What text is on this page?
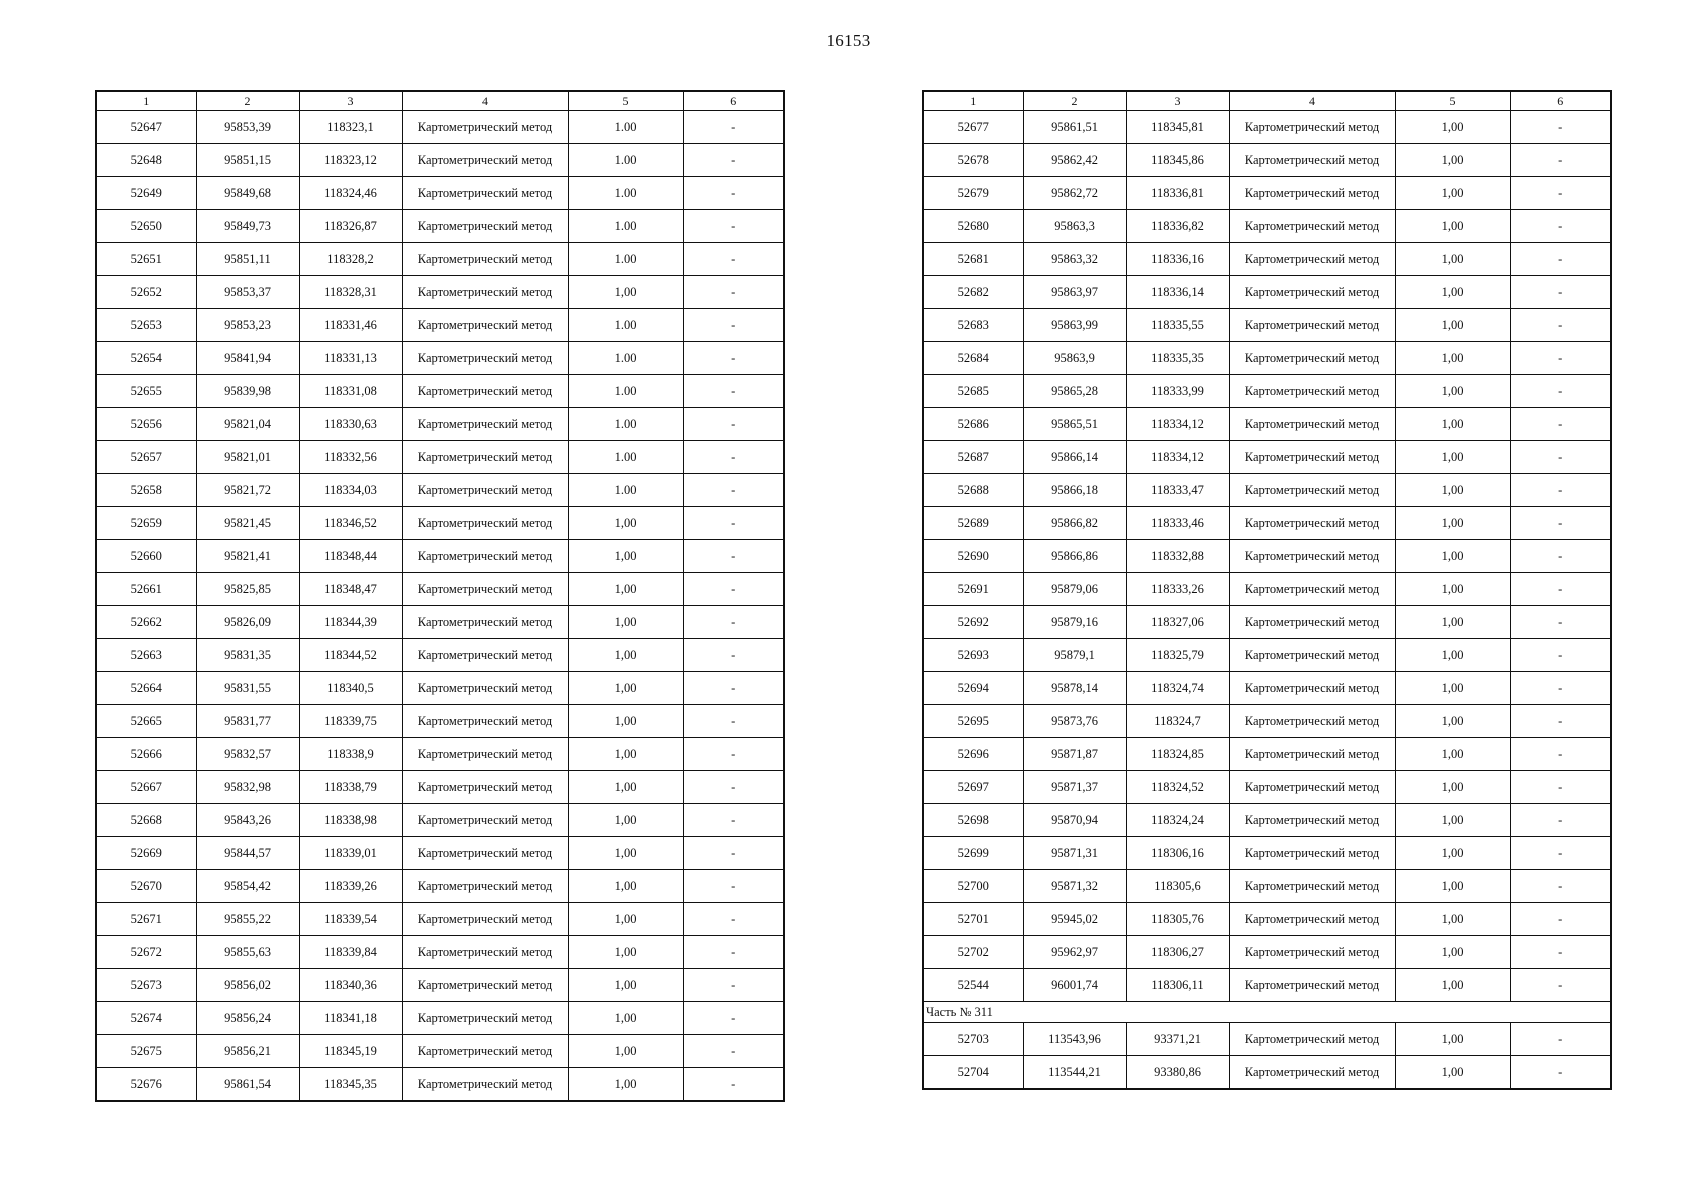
16153
1	2	3	4	5	6
52647	95853,39	118323,1	Картометрический метод	1.00	-
52648	95851,15	118323,12	Картометрический метод	1.00	-
52649	95849,68	118324,46	Картометрический метод	1.00	-
52650	95849,73	118326,87	Картометрический метод	1.00	-
52651	95851,11	118328,2	Картометрический метод	1.00	-
52652	95853,37	118328,31	Картометрический метод	1,00	-
52653	95853,23	118331,46	Картометрический метод	1.00	-
52654	95841,94	118331,13	Картометрический метод	1.00	-
52655	95839,98	118331,08	Картометрический метод	1.00	-
52656	95821,04	118330,63	Картометрический метод	1.00	-
52657	95821,01	118332,56	Картометрический метод	1.00	-
52658	95821,72	118334,03	Картометрический метод	1.00	-
52659	95821,45	118346,52	Картометрический метод	1,00	-
52660	95821,41	118348,44	Картометрический метод	1,00	-
52661	95825,85	118348,47	Картометрический метод	1,00	-
52662	95826,09	118344,39	Картометрический метод	1,00	-
52663	95831,35	118344,52	Картометрический метод	1,00	-
52664	95831,55	118340,5	Картометрический метод	1,00	-
52665	95831,77	118339,75	Картометрический метод	1,00	-
52666	95832,57	118338,9	Картометрический метод	1,00	-
52667	95832,98	118338,79	Картометрический метод	1,00	-
52668	95843,26	118338,98	Картометрический метод	1,00	-
52669	95844,57	118339,01	Картометрический метод	1,00	-
52670	95854,42	118339,26	Картометрический метод	1,00	-
52671	95855,22	118339,54	Картометрический метод	1,00	-
52672	95855,63	118339,84	Картометрический метод	1,00	-
52673	95856,02	118340,36	Картометрический метод	1,00	-
52674	95856,24	118341,18	Картометрический метод	1,00	-
52675	95856,21	118345,19	Картометрический метод	1,00	-
52676	95861,54	118345,35	Картометрический метод	1,00	-
1	2	3	4	5	6
52677	95861,51	118345,81	Картометрический метод	1,00	-
52678	95862,42	118345,86	Картометрический метод	1,00	-
52679	95862,72	118336,81	Картометрический метод	1,00	-
52680	95863,3	118336,82	Картометрический метод	1,00	-
52681	95863,32	118336,16	Картометрический метод	1,00	-
52682	95863,97	118336,14	Картометрический метод	1,00	-
52683	95863,99	118335,55	Картометрический метод	1,00	-
52684	95863,9	118335,35	Картометрический метод	1,00	-
52685	95865,28	118333,99	Картометрический метод	1,00	-
52686	95865,51	118334,12	Картометрический метод	1,00	-
52687	95866,14	118334,12	Картометрический метод	1,00	-
52688	95866,18	118333,47	Картометрический метод	1,00	-
52689	95866,82	118333,46	Картометрический метод	1,00	-
52690	95866,86	118332,88	Картометрический метод	1,00	-
52691	95879,06	118333,26	Картометрический метод	1,00	-
52692	95879,16	118327,06	Картометрический метод	1,00	-
52693	95879,1	118325,79	Картометрический метод	1,00	-
52694	95878,14	118324,74	Картометрический метод	1,00	-
52695	95873,76	118324,7	Картометрический метод	1,00	-
52696	95871,87	118324,85	Картометрический метод	1,00	-
52697	95871,37	118324,52	Картометрический метод	1,00	-
52698	95870,94	118324,24	Картометрический метод	1,00	-
52699	95871,31	118306,16	Картометрический метод	1,00	-
52700	95871,32	118305,6	Картометрический метод	1,00	-
52701	95945,02	118305,76	Картометрический метод	1,00	-
52702	95962,97	118306,27	Картометрический метод	1,00	-
52544	96001,74	118306,11	Картометрический метод	1,00	-
Часть № 311					
52703	113543,96	93371,21	Картометрический метод	1,00	-
52704	113544,21	93380,86	Картометрический метод	1,00	-
